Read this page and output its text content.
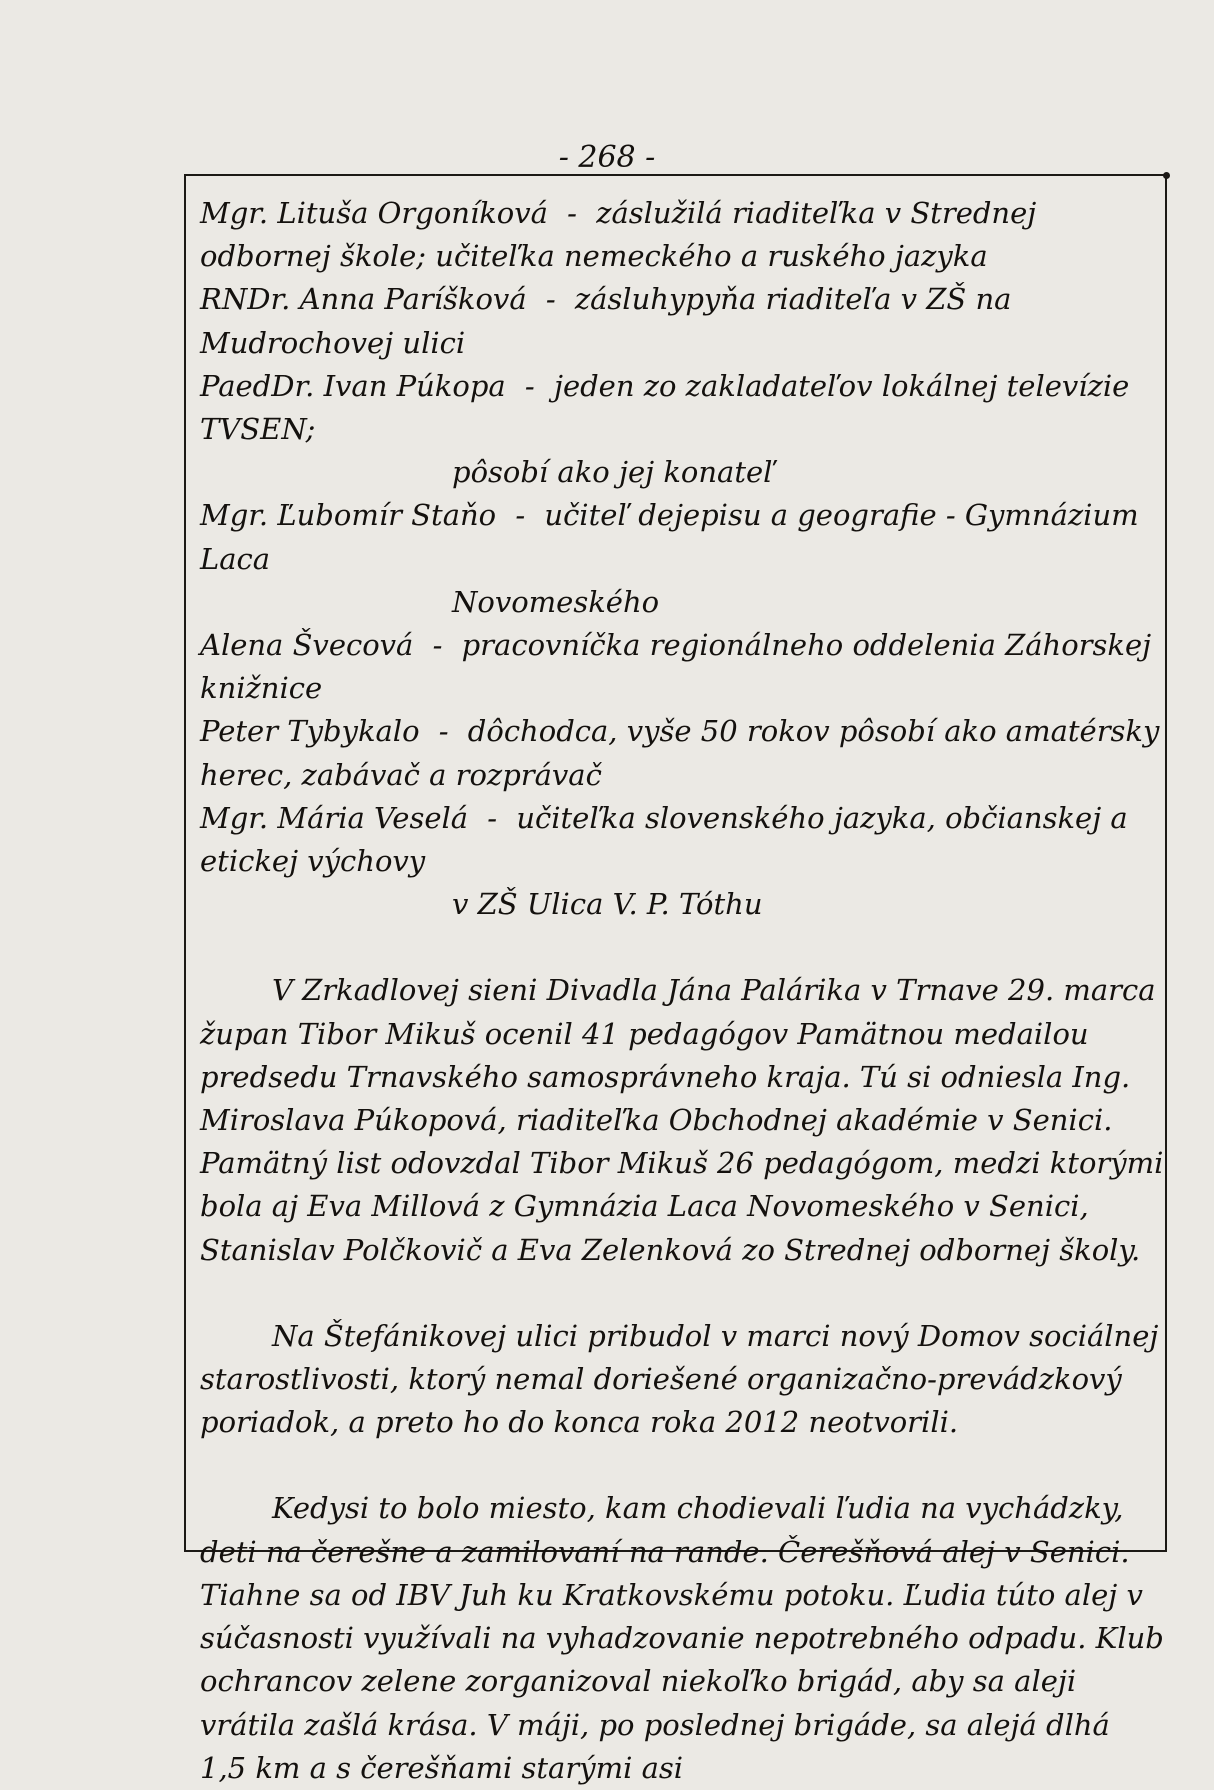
- 268 -
Mgr. Lituša Orgoníková - záslužilá riaditeľka v Strednej odbornej škole; učiteľka nemeckého a ruského jazyka
RNDr. Anna Paríšková - zásluhypyňa riaditeľa v ZŠ na Mudrochovej ulici
PaedDr. Ivan Púkopa - jeden zo zakladateľov lokálnej televízie TVSEN;
pôsobí ako jej konateľ
Mgr. Ľubomír Staňo - učiteľ dejepisu a geografie - Gymnázium Laca
Novomeského
Alena Švecová - pracovníčka regionálneho oddelenia Záhorskej knižnice
Peter Tybykalo - dôchodca, vyše 50 rokov pôsobí ako amatérsky herec, zabávač a rozprávač
Mgr. Mária Veselá - učiteľka slovenského jazyka, občianskej a etickej výchovy
v ZŠ Ulica V. P. Tóthu

V Zrkadlovej sieni Divadla Jána Palárika v Trnave 29. marca župan Tibor Mikuš ocenil 41 pedagógov Pamätnou medailou predsedu Trnavského samosprávneho kraja. Tú si odniesla Ing. Miroslava Púkopová, riaditeľka Obchodnej akadémie v Senici. Pamätný list odovzdal Tibor Mikuš 26 pedagógom, medzi ktorými bola aj Eva Millová z Gymnázia Laca Novomeského v Senici, Stanislav Polčkovič a Eva Zelenková zo Strednej odbornej školy.

Na Štefánikovej ulici pribudol v marci nový Domov sociálnej starostlivosti, ktorý nemal doriešené organizačno-prevádzkový poriadok, a preto ho do konca roka 2012 neotvorili.

Kedysi to bolo miesto, kam chodievali ľudia na vychádzky, deti na čerešne a zamilovaní na rande. Čerešňová alej v Senici. Tiahne sa od IBV Juh ku Kratkovskému potoku. Ľudia túto alej v súčasnosti využívali na vyhadzovanie nepotrebného odpadu. Klub ochrancov zelene zorganizoval niekoľko brigád, aby sa aleji vrátila zašlá krása. V máji, po poslednej brigáde, sa alejá dlhá 1,5 km a s čerešňami starými asi
